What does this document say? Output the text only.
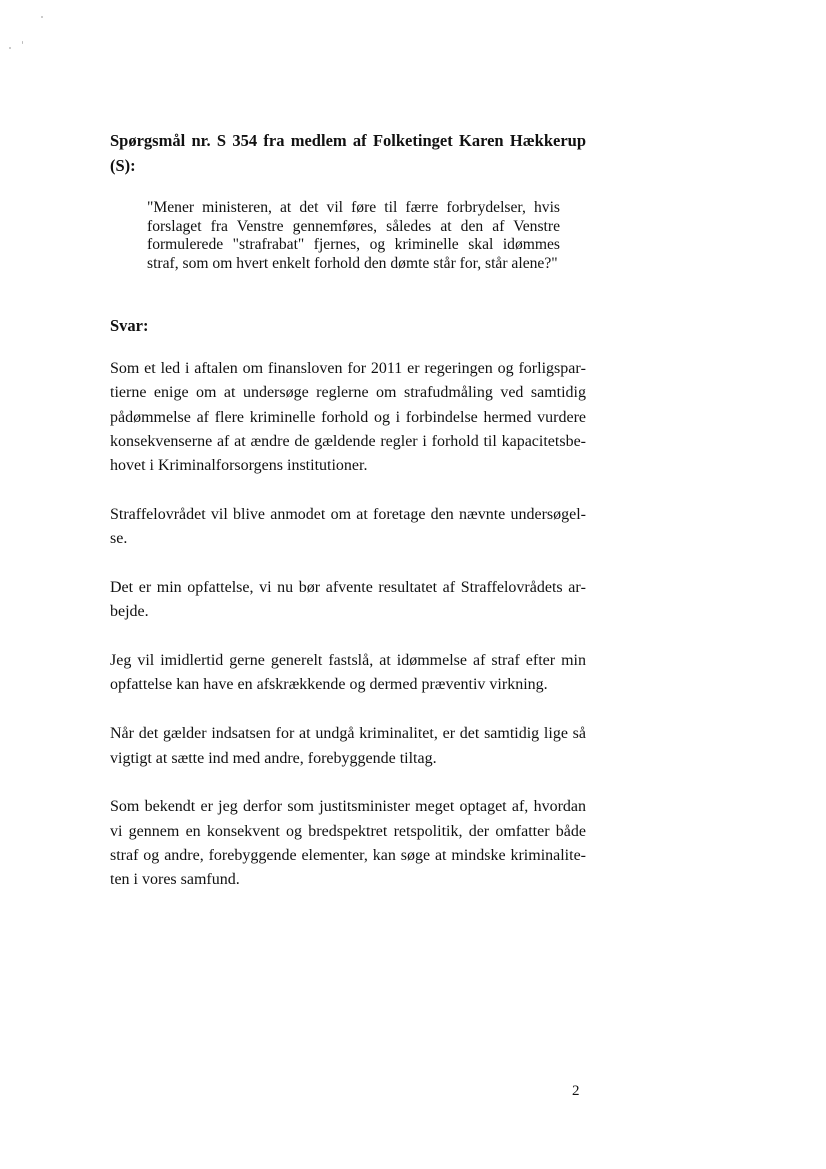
Spørgsmål nr. S 354 fra medlem af Folketinget Karen Hækkerup (S):
"Mener ministeren, at det vil føre til færre forbrydelser, hvis forslaget fra Venstre gennemføres, således at den af Venstre formulerede "strafrabat" fjernes, og kriminelle skal idømmes straf, som om hvert enkelt forhold den dømte står for, står alene?"
Svar:

Som et led i aftalen om finansloven for 2011 er regeringen og forligspartierne enige om at undersøge reglerne om strafudmåling ved samtidig pådømmelse af flere kriminelle forhold og i forbindelse hermed vurdere konsekvenserne af at ændre de gældende regler i forhold til kapacitetsbehovet i Kriminalforsorgens institutioner.

Straffelovrådet vil blive anmodet om at foretage den nævnte undersøgelse.

Det er min opfattelse, vi nu bør afvente resultatet af Straffelovrådets arbejde.

Jeg vil imidlertid gerne generelt fastslå, at idømmelse af straf efter min opfattelse kan have en afskrækkende og dermed præventiv virkning.

Når det gælder indsatsen for at undgå kriminalitet, er det samtidig lige så vigtigt at sætte ind med andre, forebyggende tiltag.

Som bekendt er jeg derfor som justitsminister meget optaget af, hvordan vi gennem en konsekvent og bredspektret retspolitik, der omfatter både straf og andre, forebyggende elementer, kan søge at mindske kriminaliteten i vores samfund.

2
